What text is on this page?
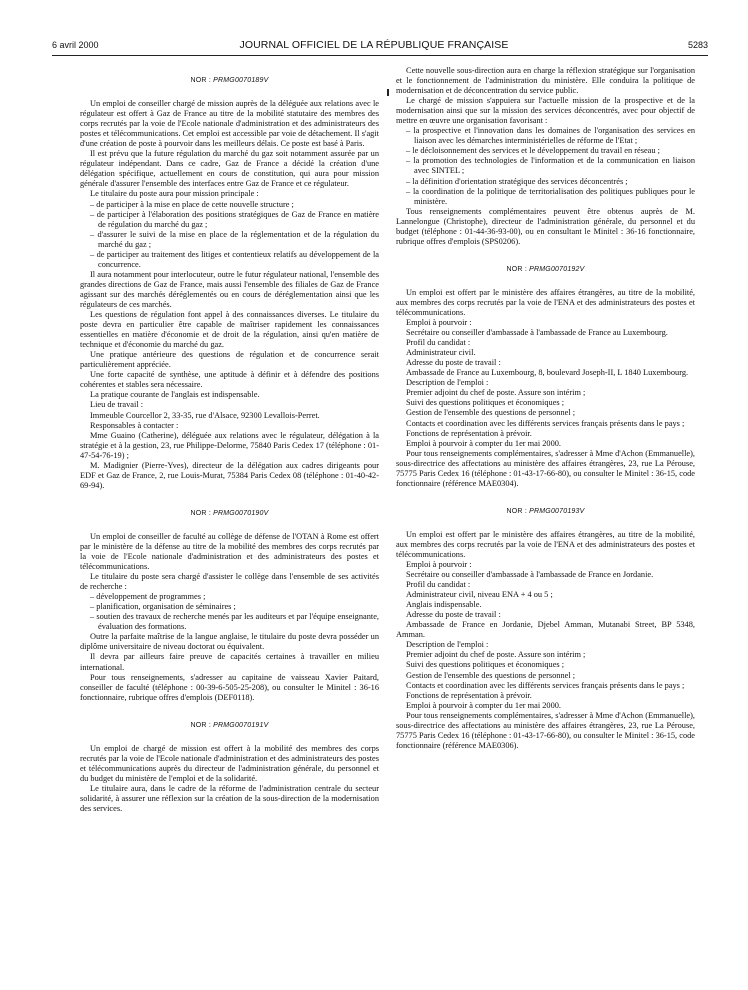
6 avril 2000	JOURNAL OFFICIEL DE LA RÉPUBLIQUE FRANÇAISE	5283
NOR : PRMG0070189V

Un emploi de conseiller chargé de mission auprès de la déléguée aux relations avec le régulateur est offert à Gaz de France au titre de la mobilité statutaire des membres des corps recrutés par la voie de l'Ecole nationale d'administration et des administrateurs des postes et télécommunications. Cet emploi est accessible par voie de détachement. Il s'agit d'une création de poste à pourvoir dans les meilleurs délais. Ce poste est basé à Paris.

Il est prévu que la future régulation du marché du gaz soit notamment assurée par un régulateur indépendant. Dans ce cadre, Gaz de France a décidé la création d'une délégation spécifique, actuellement en cours de constitution, qui aura pour mission générale d'assurer l'ensemble des interfaces entre Gaz de France et ce régulateur.

Le titulaire du poste aura pour mission principale :

– de participer à la mise en place de cette nouvelle structure ;
– de participer à l'élaboration des positions stratégiques de Gaz de France en matière de régulation du marché du gaz ;
– d'assurer le suivi de la mise en place de la réglementation et de la régulation du marché du gaz ;
– de participer au traitement des litiges et contentieux relatifs au développement de la concurrence.

Il aura notamment pour interlocuteur, outre le futur régulateur national, l'ensemble des grandes directions de Gaz de France, mais aussi l'ensemble des filiales de Gaz de France agissant sur des marchés déréglementés ou en cours de déréglementation ainsi que les régulateurs de ces marchés.

Les questions de régulation font appel à des connaissances diverses. Le titulaire du poste devra en particulier être capable de maîtriser rapidement les connaissances essentielles en matière d'économie et de droit de la régulation, ainsi qu'en matière de technique et d'économie du marché du gaz.

Une pratique antérieure des questions de régulation et de concurrence serait particulièrement appréciée.

Une forte capacité de synthèse, une aptitude à définir et à défendre des positions cohérentes et stables sera nécessaire.

La pratique courante de l'anglais est indispensable.

Lieu de travail :

Immeuble Courcellor 2, 33-35, rue d'Alsace, 92300 Levallois-Perret.

Responsables à contacter :

Mme Guaino (Catherine), déléguée aux relations avec le régulateur, délégation à la stratégie et à la gestion, 23, rue Philippe-Delorme, 75840 Paris Cedex 17 (téléphone : 01-47-54-76-19) ;

M. Madignier (Pierre-Yves), directeur de la délégation aux cadres dirigeants pour EDF et Gaz de France, 2, rue Louis-Murat, 75384 Paris Cedex 08 (téléphone : 01-40-42-69-94).

NOR : PRMG0070190V

Un emploi de conseiller de faculté au collège de défense de l'OTAN à Rome est offert par le ministère de la défense au titre de la mobilité des membres des corps recrutés par la voie de l'Ecole nationale d'administration et des administrateurs des postes et télécommunications.

Le titulaire du poste sera chargé d'assister le collège dans l'ensemble de ses activités de recherche :

– développement de programmes ;
– planification, organisation de séminaires ;
– soutien des travaux de recherche menés par les auditeurs et par l'équipe enseignante, évaluation des formations.

Outre la parfaite maîtrise de la langue anglaise, le titulaire du poste devra posséder un diplôme universitaire de niveau doctorat ou équivalent.

Il devra par ailleurs faire preuve de capacités certaines à travailler en milieu international.

Pour tous renseignements, s'adresser au capitaine de vaisseau Xavier Paitard, conseiller de faculté (téléphone : 00-39-6-505-25-208), ou consulter le Minitel : 36-16 fonctionnaire, rubrique offres d'emplois (DEF0118).

NOR : PRMG0070191V

Un emploi de chargé de mission est offert à la mobilité des membres des corps recrutés par la voie de l'Ecole nationale d'administration et des administrateurs des postes et télécommunications auprès du directeur de l'administration générale, du personnel et du budget du ministère de l'emploi et de la solidarité.

Le titulaire aura, dans le cadre de la réforme de l'administration centrale du secteur solidarité, à assurer une réflexion sur la création de la sous-direction de la modernisation des services.

Cette nouvelle sous-direction aura en charge la réflexion stratégique sur l'organisation et le fonctionnement de l'administration du ministère. Elle conduira la politique de modernisation et de déconcentration du service public.

Le chargé de mission s'appuiera sur l'actuelle mission de la prospective et de la modernisation ainsi que sur la mission des services déconcentrés, avec pour objectif de mettre en œuvre une organisation favorisant :

– la prospective et l'innovation dans les domaines de l'organisation des services en liaison avec les démarches interministérielles de réforme de l'Etat ;
– le décloisonnement des services et le développement du travail en réseau ;
– la promotion des technologies de l'information et de la communication en liaison avec SINTEL ;
– la définition d'orientation stratégique des services déconcentrés ;
– la coordination de la politique de territorialisation des politiques publiques pour le ministère.

Tous renseignements complémentaires peuvent être obtenus auprès de M. Lannelongue (Christophe), directeur de l'administration générale, du personnel et du budget (téléphone : 01-44-36-93-00), ou en consultant le Minitel : 36-16 fonctionnaire, rubrique offres d'emplois (SPS0206).

NOR : PRMG0070192V

Un emploi est offert par le ministère des affaires étrangères, au titre de la mobilité, aux membres des corps recrutés par la voie de l'ENA et des administrateurs des postes et télécommunications.

Emploi à pourvoir :

Secrétaire ou conseiller d'ambassade à l'ambassade de France au Luxembourg.

Profil du candidat :

Administrateur civil.

Adresse du poste de travail :

Ambassade de France au Luxembourg, 8, boulevard Joseph-II, L 1840 Luxembourg.

Description de l'emploi :

Premier adjoint du chef de poste. Assure son intérim ;

Suivi des questions politiques et économiques ;

Gestion de l'ensemble des questions de personnel ;

Contacts et coordination avec les différents services français présents dans le pays ;

Fonctions de représentation à prévoir.

Emploi à pourvoir à compter du 1er mai 2000.

Pour tous renseignements complémentaires, s'adresser à Mme d'Achon (Emmanuelle), sous-directrice des affectations au ministère des affaires étrangères, 23, rue La Pérouse, 75775 Paris Cedex 16 (téléphone : 01-43-17-66-80), ou consulter le Minitel : 36-15, code fonctionnaire (référence MAE0304).

NOR : PRMG0070193V

Un emploi est offert par le ministère des affaires étrangères, au titre de la mobilité, aux membres des corps recrutés par la voie de l'ENA et des administrateurs des postes et télécommunications.

Emploi à pourvoir :

Secrétaire ou conseiller d'ambassade à l'ambassade de France en Jordanie.

Profil du candidat :

Administrateur civil, niveau ENA + 4 ou 5 ;

Anglais indispensable.

Adresse du poste de travail :

Ambassade de France en Jordanie, Djebel Amman, Mutanabi Street, BP 5348, Amman.

Description de l'emploi :

Premier adjoint du chef de poste. Assure son intérim ;

Suivi des questions politiques et économiques ;

Gestion de l'ensemble des questions de personnel ;

Contacts et coordination avec les différents services français présents dans le pays ;

Fonctions de représentation à prévoir.

Emploi à pourvoir à compter du 1er mai 2000.

Pour tous renseignements complémentaires, s'adresser à Mme d'Achon (Emmanuelle), sous-directrice des affectations au ministère des affaires étrangères, 23, rue La Pérouse, 75775 Paris Cedex 16 (téléphone : 01-43-17-66-80), ou consulter le Minitel : 36-15, code fonctionnaire (référence MAE0306).
